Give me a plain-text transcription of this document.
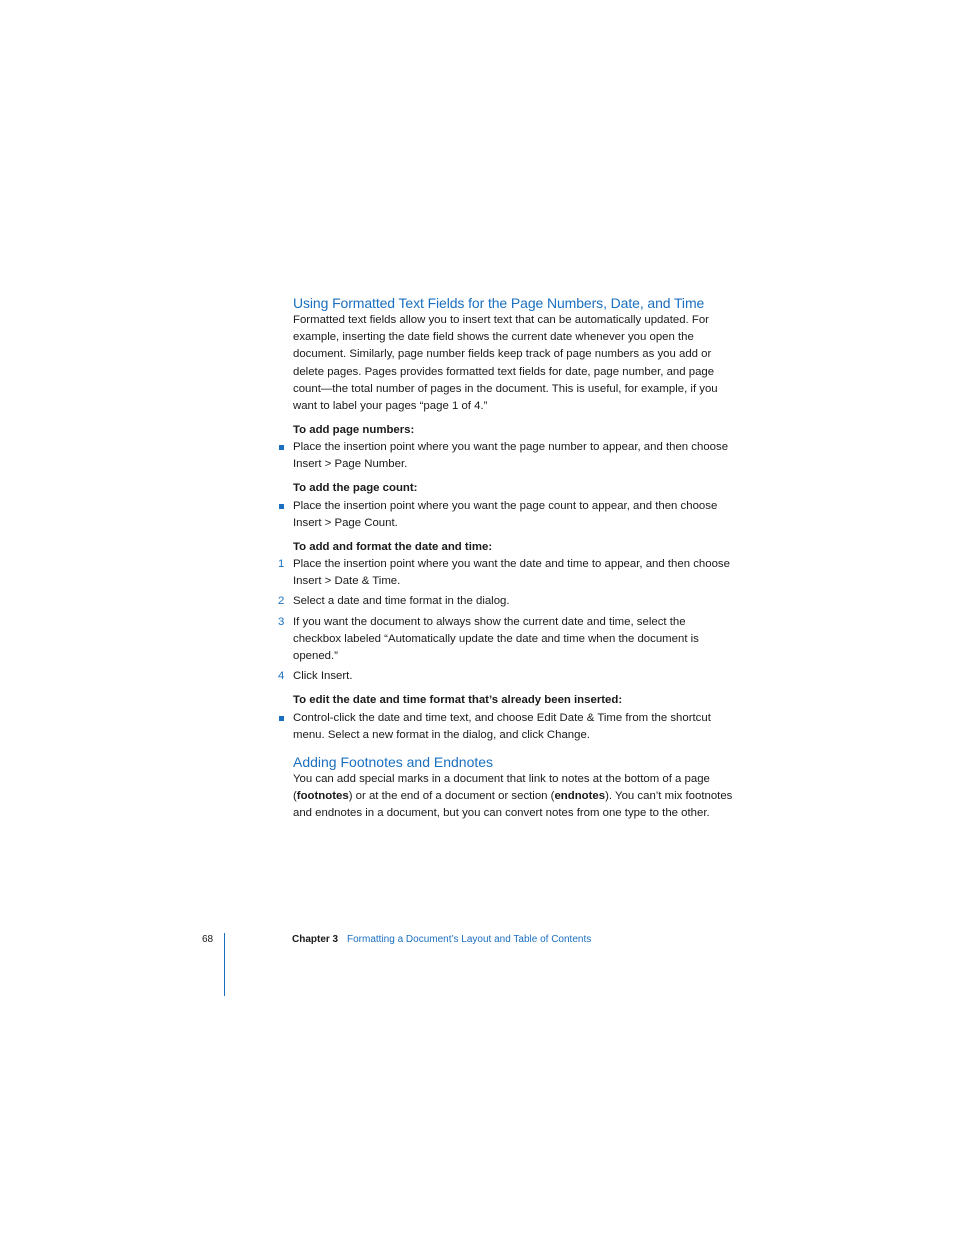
Using Formatted Text Fields for the Page Numbers, Date, and Time

Formatted text fields allow you to insert text that can be automatically updated. For example, inserting the date field shows the current date whenever you open the document. Similarly, page number fields keep track of page numbers as you add or delete pages. Pages provides formatted text fields for date, page number, and page count—the total number of pages in the document. This is useful, for example, if you want to label your pages “page 1 of 4.”

To add page numbers:

Place the insertion point where you want the page number to appear, and then choose Insert > Page Number.

To add the page count:

Place the insertion point where you want the page count to appear, and then choose Insert > Page Count.

To add and format the date and time:

1 Place the insertion point where you want the date and time to appear, and then choose Insert > Date & Time.
2 Select a date and time format in the dialog.
3 If you want the document to always show the current date and time, select the checkbox labeled “Automatically update the date and time when the document is opened.”
4 Click Insert.

To edit the date and time format that’s already been inserted:

Control-click the date and time text, and choose Edit Date & Time from the shortcut menu. Select a new format in the dialog, and click Change.
Adding Footnotes and Endnotes

You can add special marks in a document that link to notes at the bottom of a page (footnotes) or at the end of a document or section (endnotes). You can’t mix footnotes and endnotes in a document, but you can convert notes from one type to the other.

68	Chapter 3 Formatting a Document’s Layout and Table of Contents
